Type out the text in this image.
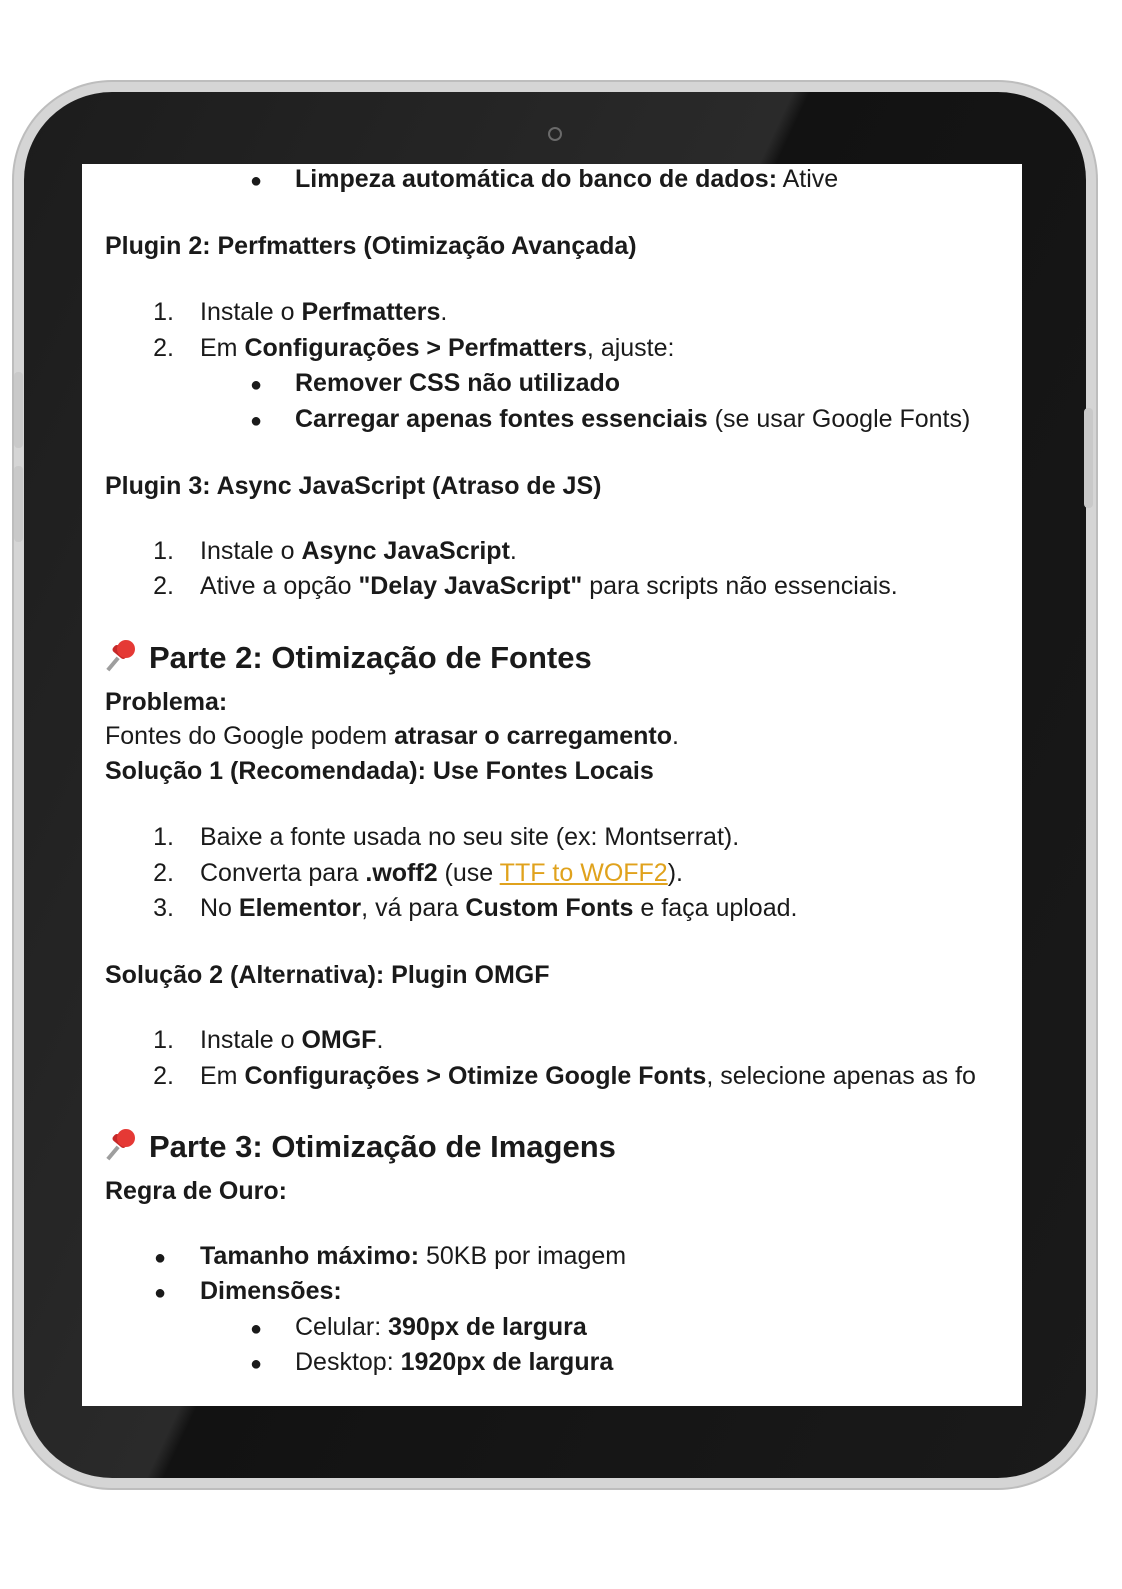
● Limpeza automática do banco de dados: Ative
Plugin 2: Perfmatters (Otimização Avançada)
1. Instale o Perfmatters.
2. Em Configurações > Perfmatters, ajuste:
● Remover CSS não utilizado
● Carregar apenas fontes essenciais (se usar Google Fonts)
Plugin 3: Async JavaScript (Atraso de JS)
1. Instale o Async JavaScript.
2. Ative a opção "Delay JavaScript" para scripts não essenciais.
Parte 2: Otimização de Fontes
Problema:
Fontes do Google podem atrasar o carregamento.
Solução 1 (Recomendada): Use Fontes Locais
1. Baixe a fonte usada no seu site (ex: Montserrat).
2. Converta para .woff2 (use TTF to WOFF2).
3. No Elementor, vá para Custom Fonts e faça upload.
Solução 2 (Alternativa): Plugin OMGF
1. Instale o OMGF.
2. Em Configurações > Otimize Google Fonts, selecione apenas as fo
Parte 3: Otimização de Imagens
Regra de Ouro:
● Tamanho máximo: 50KB por imagem
● Dimensões:
● Celular: 390px de largura
● Desktop: 1920px de largura
